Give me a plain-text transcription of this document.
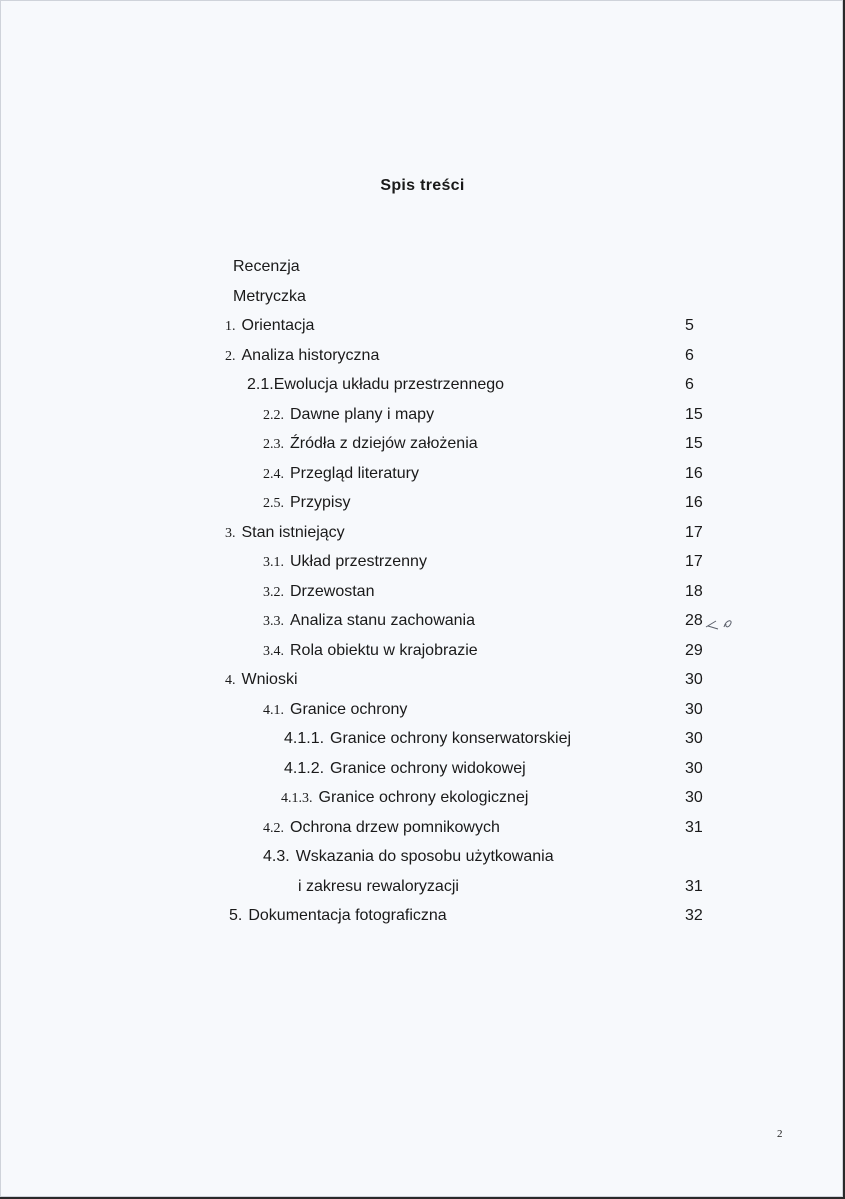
Spis treści
Recenzja
Metryczka
1. Orientacja	5
2. Analiza historyczna	6
2.1.Ewolucja układu przestrzennego	6
2.2. Dawne plany i mapy	15
2.3. Źródła z dziejów założenia	15
2.4. Przegląd literatury	16
2.5. Przypisy	16
3. Stan istniejący	17
3.1. Układ przestrzenny	17
3.2. Drzewostan	18
3.3. Analiza stanu zachowania	28
3.4. Rola obiektu w krajobrazie	29
4. Wnioski	30
4.1. Granice ochrony	30
4.1.1. Granice ochrony konserwatorskiej	30
4.1.2. Granice ochrony widokowej	30
4.1.3. Granice ochrony ekologicznej	30
4.2. Ochrona drzew pomnikowych	31
4.3. Wskazania do sposobu użytkowania
i zakresu rewaloryzacji	31
5. Dokumentacja fotograficzna	32
2
